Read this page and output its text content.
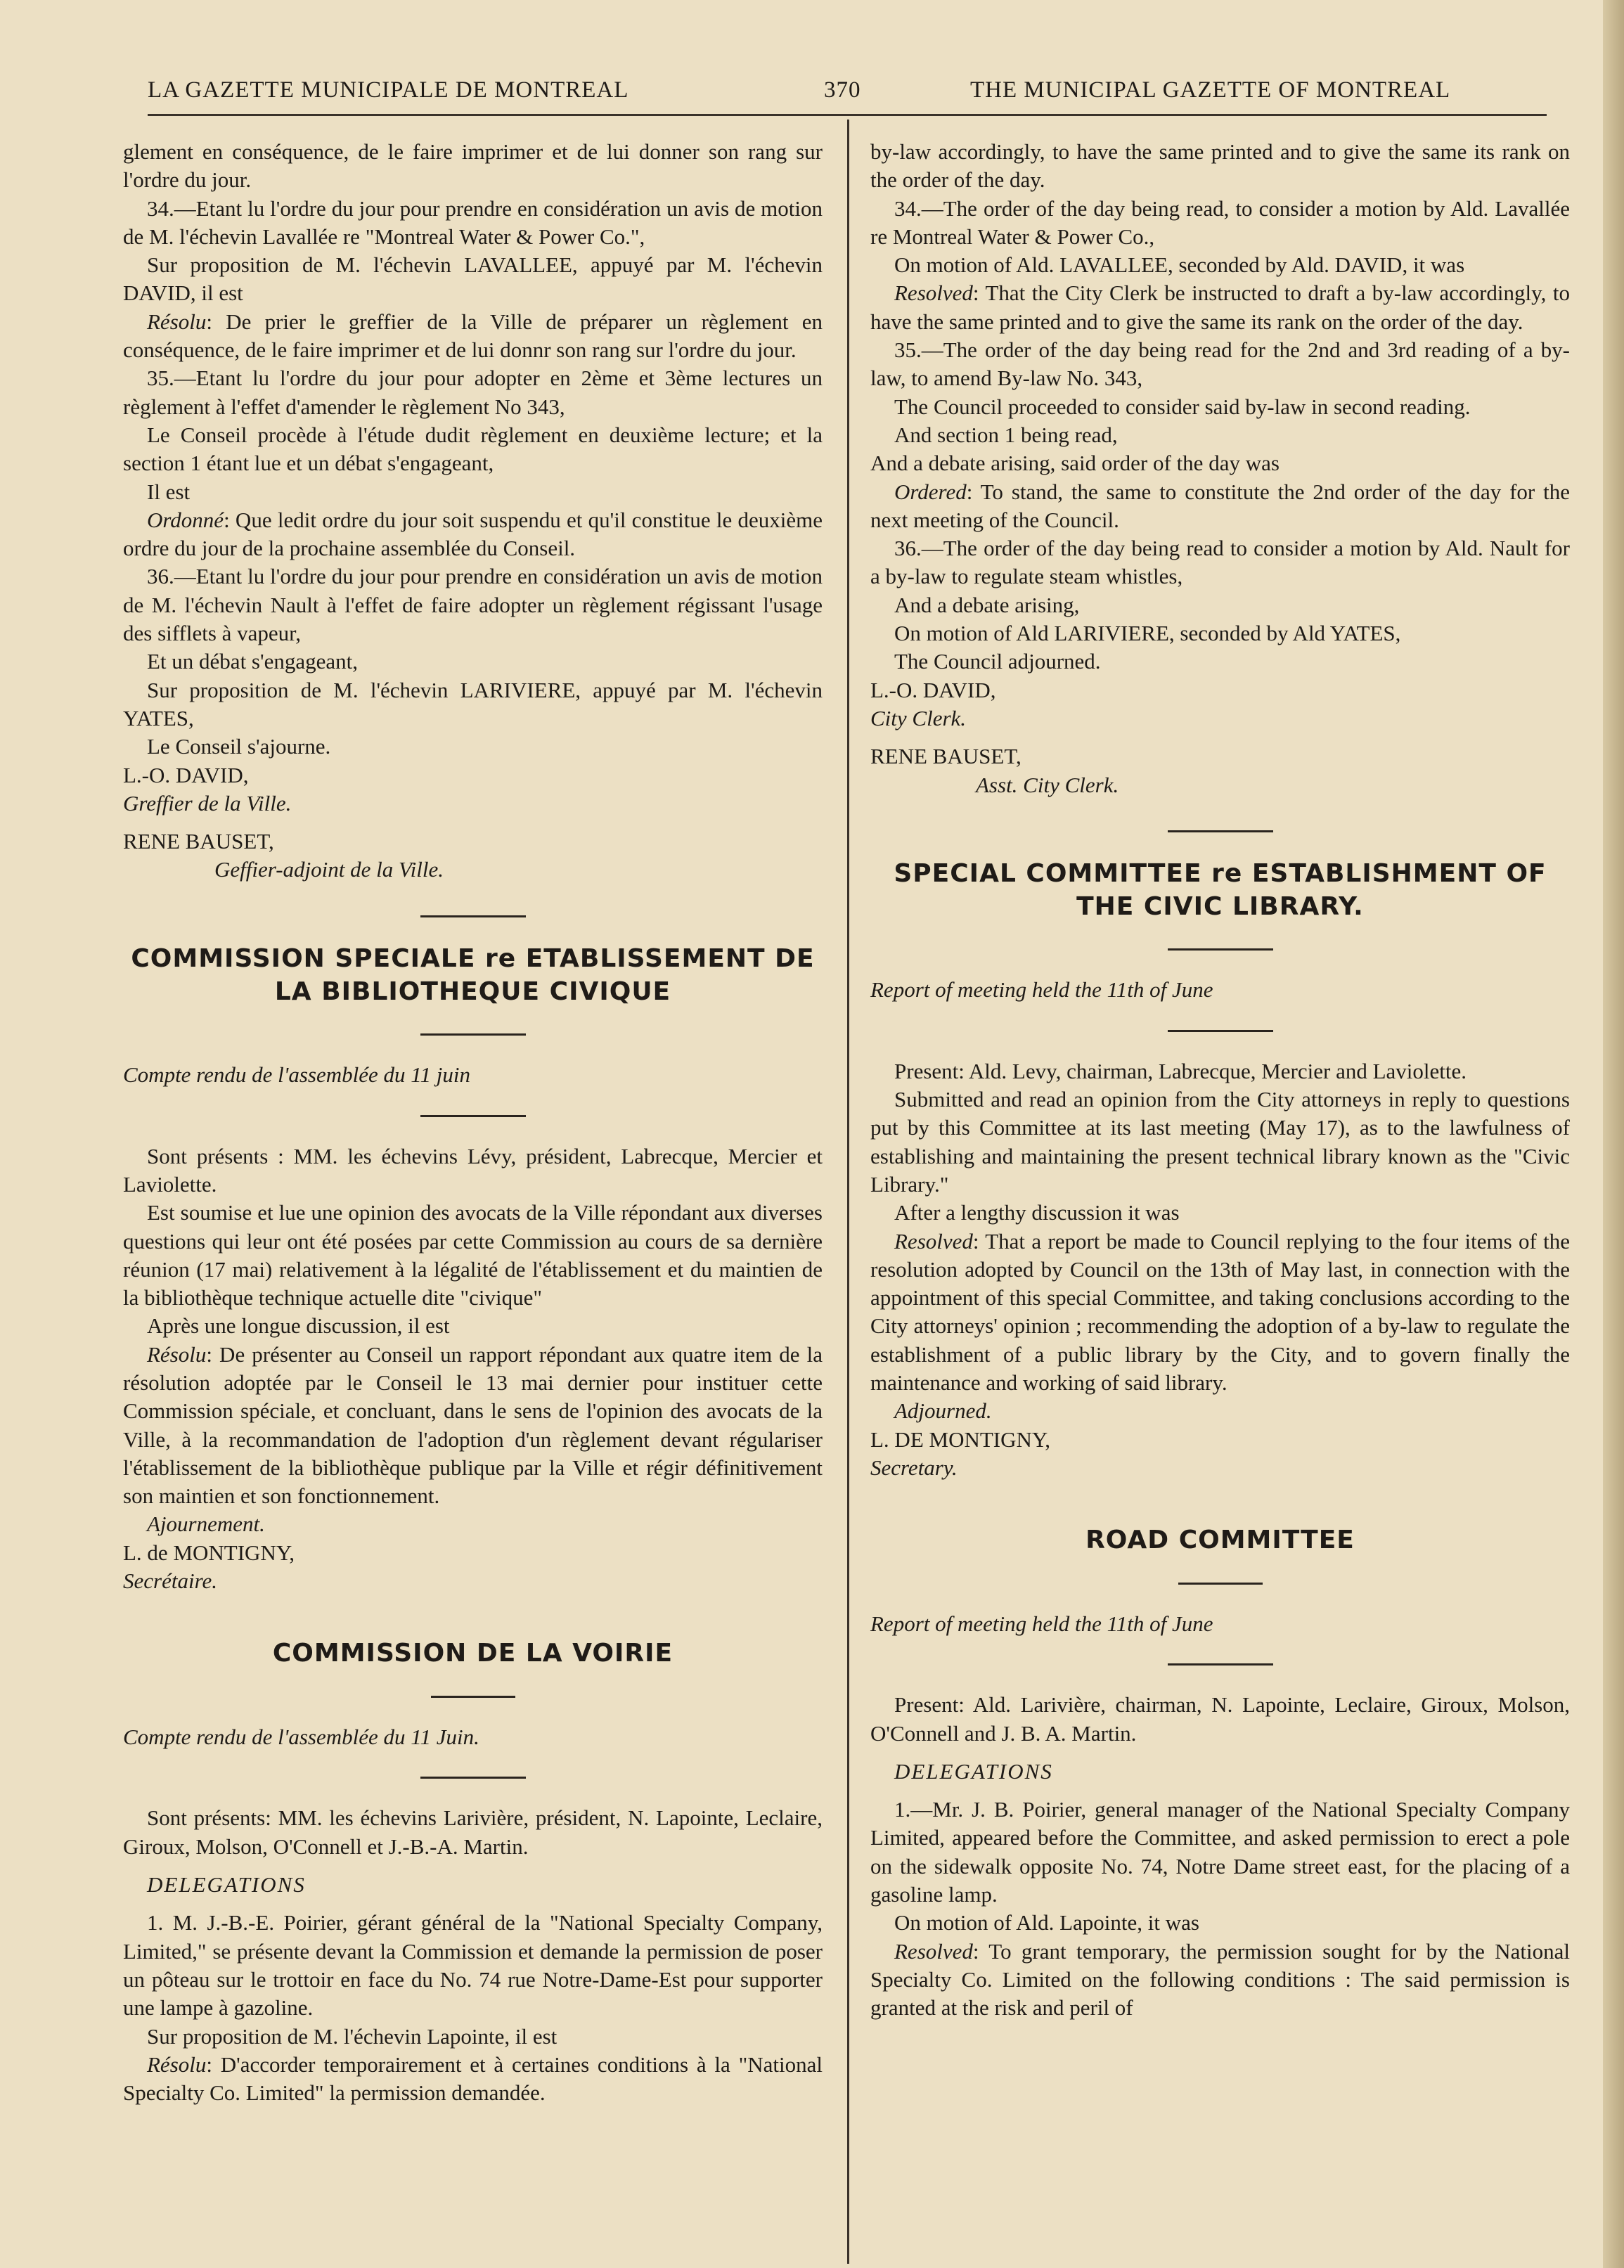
LA GAZETTE MUNICIPALE DE MONTREAL	370	THE MUNICIPAL GAZETTE OF MONTREAL

glement en conséquence, de le faire imprimer et de lui donner son rang sur l'ordre du jour.

34.—Etant lu l'ordre du jour pour prendre en considération un avis de motion de M. l'échevin Lavallée re "Montreal Water & Power Co.",

Sur proposition de M. l'échevin LAVALLEE, appuyé par M. l'échevin DAVID, il est

Résolu: De prier le greffier de la Ville de préparer un règlement en conséquence, de le faire imprimer et de lui donnr son rang sur l'ordre du jour.

35.—Etant lu l'ordre du jour pour adopter en 2ème et 3ème lectures un règlement à l'effet d'amender le règlement No 343,

Le Conseil procède à l'étude dudit règlement en deuxième lecture; et la section 1 étant lue et un débat s'engageant,

Il est

Ordonné: Que ledit ordre du jour soit suspendu et qu'il constitue le deuxième ordre du jour de la prochaine assemblée du Conseil.

36.—Etant lu l'ordre du jour pour prendre en considération un avis de motion de M. l'échevin Nault à l'effet de faire adopter un règlement régissant l'usage des sifflets à vapeur,

Et un débat s'engageant,

Sur proposition de M. l'échevin LARIVIERE, appuyé par M. l'échevin YATES,

Le Conseil s'ajourne.

L.-O. DAVID,

Greffier de la Ville.

RENE BAUSET,

Geffier-adjoint de la Ville.

COMMISSION SPECIALE re ETABLISSEMENT DE
LA BIBLIOTHEQUE CIVIQUE

Compte rendu de l'assemblée du 11 juin

Sont présents : MM. les échevins Lévy, président, Labrecque, Mercier et Laviolette.

Est soumise et lue une opinion des avocats de la Ville répondant aux diverses questions qui leur ont été posées par cette Commission au cours de sa dernière réunion (17 mai) relativement à la légalité de l'établissement et du maintien de la bibliothèque technique actuelle dite "civique"

Après une longue discussion, il est

Résolu: De présenter au Conseil un rapport répondant aux quatre item de la résolution adoptée par le Conseil le 13 mai dernier pour instituer cette Commission spéciale, et concluant, dans le sens de l'opinion des avocats de la Ville, à la recommandation de l'adoption d'un règlement devant régulariser l'établissement de la bibliothèque publique par la Ville et régir définitivement son maintien et son fonctionnement.

Ajournement.

L. de MONTIGNY,

Secrétaire.

COMMISSION DE LA VOIRIE

Compte rendu de l'assemblée du 11 Juin.

Sont présents: MM. les échevins Larivière, président, N. Lapointe, Leclaire, Giroux, Molson, O'Connell et J.-B.-A. Martin.

DELEGATIONS

1. M. J.-B.-E. Poirier, gérant général de la "National Specialty Company, Limited," se présente devant la Commission et demande la permission de poser un pôteau sur le trottoir en face du No. 74 rue Notre-Dame-Est pour supporter une lampe à gazoline.

Sur proposition de M. l'échevin Lapointe, il est

Résolu: D'accorder temporairement et à certaines conditions à la "National Specialty Co. Limited" la permission demandée.

by-law accordingly, to have the same printed and to give the same its rank on the order of the day.

34.—The order of the day being read, to consider a motion by Ald. Lavallée re Montreal Water & Power Co.,

On motion of Ald. LAVALLEE, seconded by Ald. DAVID, it was

Resolved: That the City Clerk be instructed to draft a by-law accordingly, to have the same printed and to give the same its rank on the order of the day.

35.—The order of the day being read for the 2nd and 3rd reading of a by-law, to amend By-law No. 343,

The Council proceeded to consider said by-law in second reading.

And section 1 being read,

And a debate arising, said order of the day was

Ordered: To stand, the same to constitute the 2nd order of the day for the next meeting of the Council.

36.—The order of the day being read to consider a motion by Ald. Nault for a by-law to regulate steam whistles,

And a debate arising,

On motion of Ald LARIVIERE, seconded by Ald YATES,

The Council adjourned.

L.-O. DAVID,

City Clerk.

RENE BAUSET,

Asst. City Clerk.

SPECIAL COMMITTEE re ESTABLISHMENT OF
THE CIVIC LIBRARY.

Report of meeting held the 11th of June

Present: Ald. Levy, chairman, Labrecque, Mercier and Laviolette.

Submitted and read an opinion from the City attorneys in reply to questions put by this Committee at its last meeting (May 17), as to the lawfulness of establishing and maintaining the present technical library known as the "Civic Library."

After a lengthy discussion it was

Resolved: That a report be made to Council replying to the four items of the resolution adopted by Council on the 13th of May last, in connection with the appointment of this special Committee, and taking conclusions according to the City attorneys' opinion ; recommending the adoption of a by-law to regulate the establishment of a public library by the City, and to govern finally the maintenance and working of said library.

Adjourned.

L. DE MONTIGNY,

Secretary.

ROAD COMMITTEE

Report of meeting held the 11th of June

Present: Ald. Larivière, chairman, N. Lapointe, Leclaire, Giroux, Molson, O'Connell and J. B. A. Martin.

DELEGATIONS

1.—Mr. J. B. Poirier, general manager of the National Specialty Company Limited, appeared before the Committee, and asked permission to erect a pole on the sidewalk opposite No. 74, Notre Dame street east, for the placing of a gasoline lamp.

On motion of Ald. Lapointe, it was

Resolved: To grant temporary, the permission sought for by the National Specialty Co. Limited on the following conditions : The said permission is granted at the risk and peril of
